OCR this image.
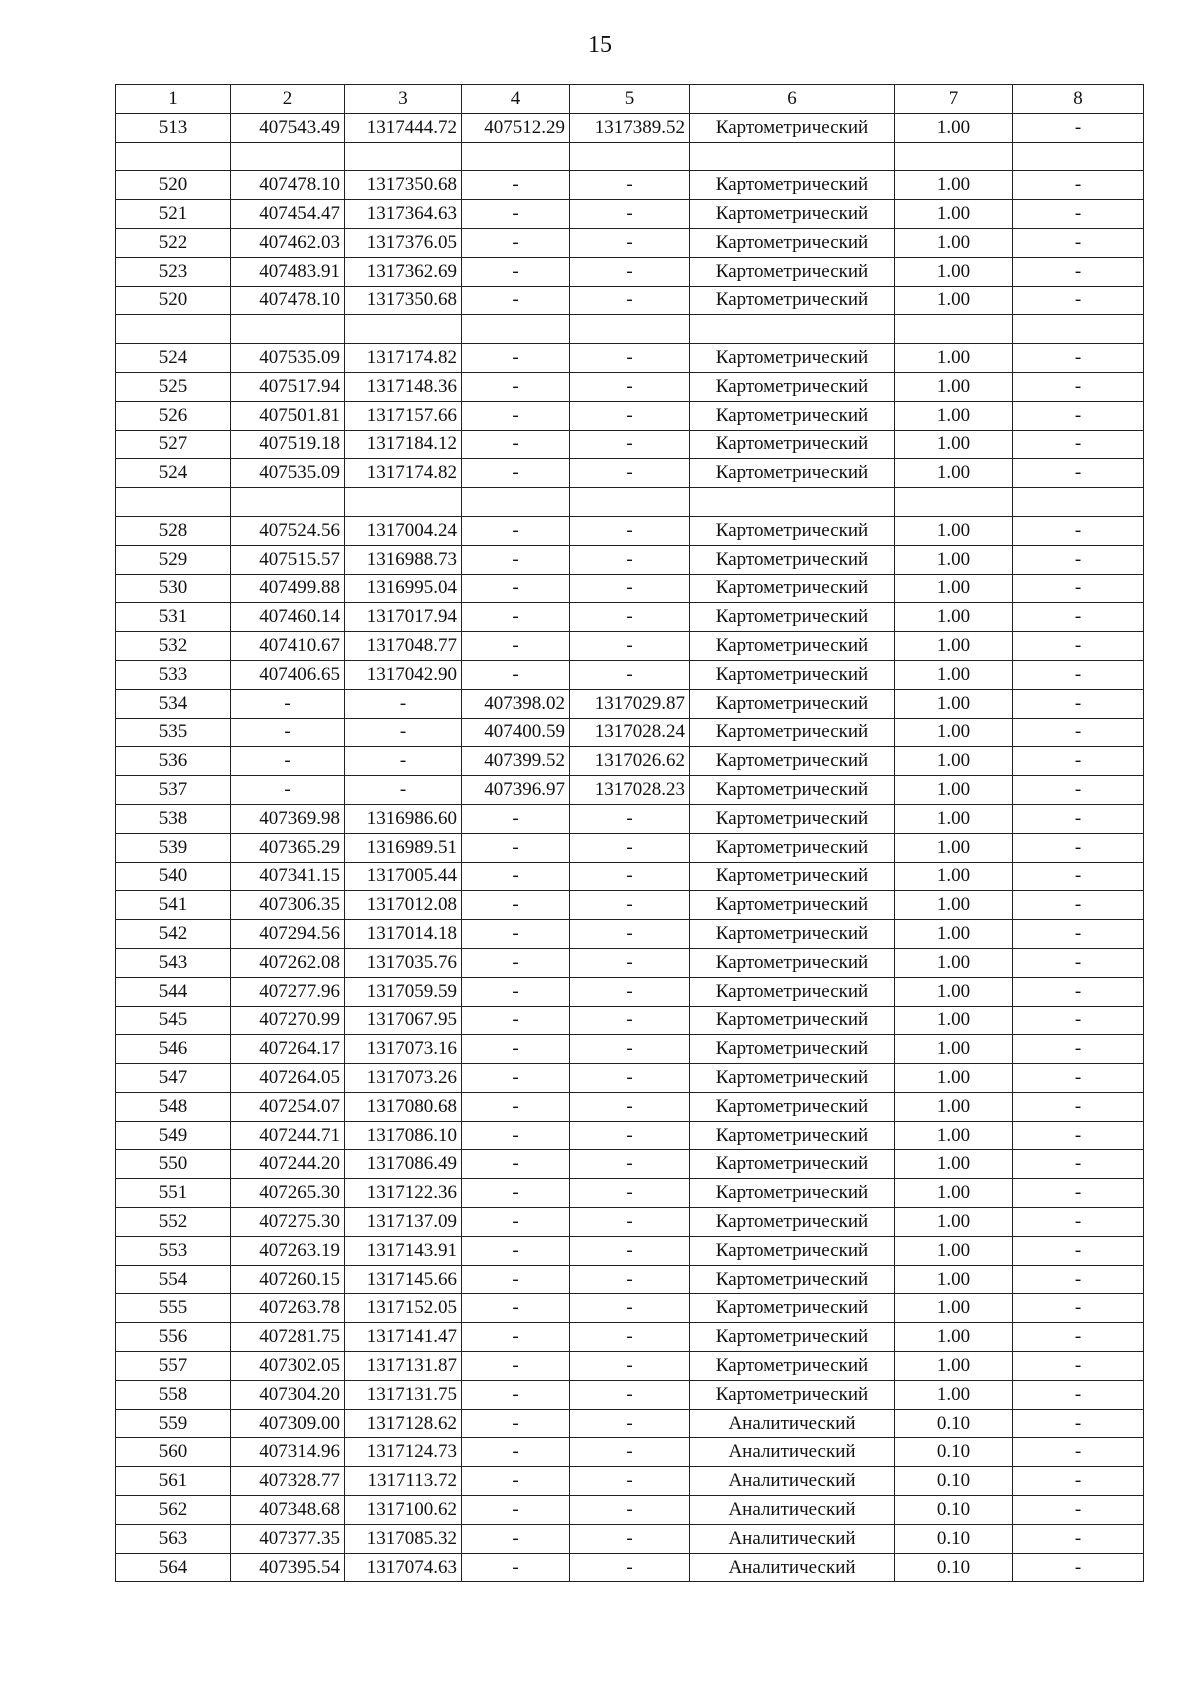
15
1	2	3	4	5	6	7	8
513	407543.49	1317444.72	407512.29	1317389.52	Картометрический	1.00	-

520	407478.10	1317350.68	-	-	Картометрический	1.00	-
521	407454.47	1317364.63	-	-	Картометрический	1.00	-
522	407462.03	1317376.05	-	-	Картометрический	1.00	-
523	407483.91	1317362.69	-	-	Картометрический	1.00	-
520	407478.10	1317350.68	-	-	Картометрический	1.00	-

524	407535.09	1317174.82	-	-	Картометрический	1.00	-
525	407517.94	1317148.36	-	-	Картометрический	1.00	-
526	407501.81	1317157.66	-	-	Картометрический	1.00	-
527	407519.18	1317184.12	-	-	Картометрический	1.00	-
524	407535.09	1317174.82	-	-	Картометрический	1.00	-

528	407524.56	1317004.24	-	-	Картометрический	1.00	-
529	407515.57	1316988.73	-	-	Картометрический	1.00	-
530	407499.88	1316995.04	-	-	Картометрический	1.00	-
531	407460.14	1317017.94	-	-	Картометрический	1.00	-
532	407410.67	1317048.77	-	-	Картометрический	1.00	-
533	407406.65	1317042.90	-	-	Картометрический	1.00	-
534	-	-	407398.02	1317029.87	Картометрический	1.00	-
535	-	-	407400.59	1317028.24	Картометрический	1.00	-
536	-	-	407399.52	1317026.62	Картометрический	1.00	-
537	-	-	407396.97	1317028.23	Картометрический	1.00	-
538	407369.98	1316986.60	-	-	Картометрический	1.00	-
539	407365.29	1316989.51	-	-	Картометрический	1.00	-
540	407341.15	1317005.44	-	-	Картометрический	1.00	-
541	407306.35	1317012.08	-	-	Картометрический	1.00	-
542	407294.56	1317014.18	-	-	Картометрический	1.00	-
543	407262.08	1317035.76	-	-	Картометрический	1.00	-
544	407277.96	1317059.59	-	-	Картометрический	1.00	-
545	407270.99	1317067.95	-	-	Картометрический	1.00	-
546	407264.17	1317073.16	-	-	Картометрический	1.00	-
547	407264.05	1317073.26	-	-	Картометрический	1.00	-
548	407254.07	1317080.68	-	-	Картометрический	1.00	-
549	407244.71	1317086.10	-	-	Картометрический	1.00	-
550	407244.20	1317086.49	-	-	Картометрический	1.00	-
551	407265.30	1317122.36	-	-	Картометрический	1.00	-
552	407275.30	1317137.09	-	-	Картометрический	1.00	-
553	407263.19	1317143.91	-	-	Картометрический	1.00	-
554	407260.15	1317145.66	-	-	Картометрический	1.00	-
555	407263.78	1317152.05	-	-	Картометрический	1.00	-
556	407281.75	1317141.47	-	-	Картометрический	1.00	-
557	407302.05	1317131.87	-	-	Картометрический	1.00	-
558	407304.20	1317131.75	-	-	Картометрический	1.00	-
559	407309.00	1317128.62	-	-	Аналитический	0.10	-
560	407314.96	1317124.73	-	-	Аналитический	0.10	-
561	407328.77	1317113.72	-	-	Аналитический	0.10	-
562	407348.68	1317100.62	-	-	Аналитический	0.10	-
563	407377.35	1317085.32	-	-	Аналитический	0.10	-
564	407395.54	1317074.63	-	-	Аналитический	0.10	-
